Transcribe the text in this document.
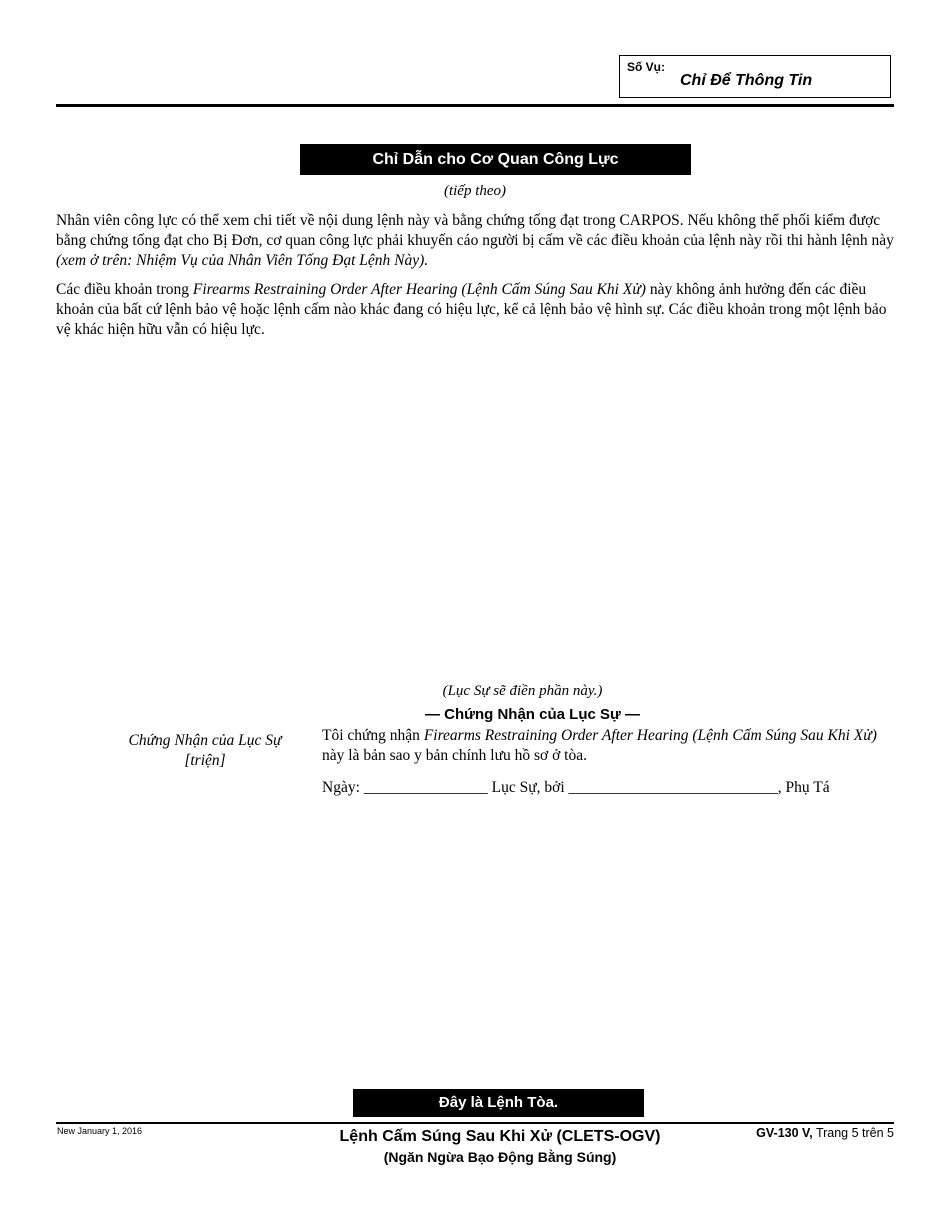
Số Vụ:
Chỉ Để Thông Tin
Chỉ Dẫn cho Cơ Quan Công Lực
(tiếp theo)
Nhân viên công lực có thể xem chi tiết về nội dung lệnh này và bằng chứng tống đạt trong CARPOS. Nếu không thể phối kiểm được bằng chứng tống đạt cho Bị Đơn, cơ quan công lực phải khuyến cáo người bị cấm về các điều khoản của lệnh này rồi thi hành lệnh này (xem ở trên: Nhiệm Vụ của Nhân Viên Tống Đạt Lệnh Này).
Các điều khoản trong Firearms Restraining Order After Hearing (Lệnh Cấm Súng Sau Khi Xử) này không ảnh hưởng đến các điều khoản của bất cứ lệnh bảo vệ hoặc lệnh cấm nào khác đang có hiệu lực, kể cả lệnh bảo vệ hình sự. Các điều khoản trong một lệnh bảo vệ khác hiện hữu vẫn có hiệu lực.
(Lục Sự sẽ điền phần này.)
— Chứng Nhận của Lục Sự —
Chứng Nhận của Lục Sự [triện]
Tôi chứng nhận Firearms Restraining Order After Hearing (Lệnh Cấm Súng Sau Khi Xử) này là bản sao y bản chính lưu hồ sơ ở tòa.
Ngày: ________________ Lục Sự, bởi ___________________________, Phụ Tá
Đây là Lệnh Tòa.
New January 1, 2016	Lệnh Cấm Súng Sau Khi Xử (CLETS-OGV)
(Ngăn Ngừa Bạo Động Bằng Súng)
GV-130 V, Trang 5 trên 5
